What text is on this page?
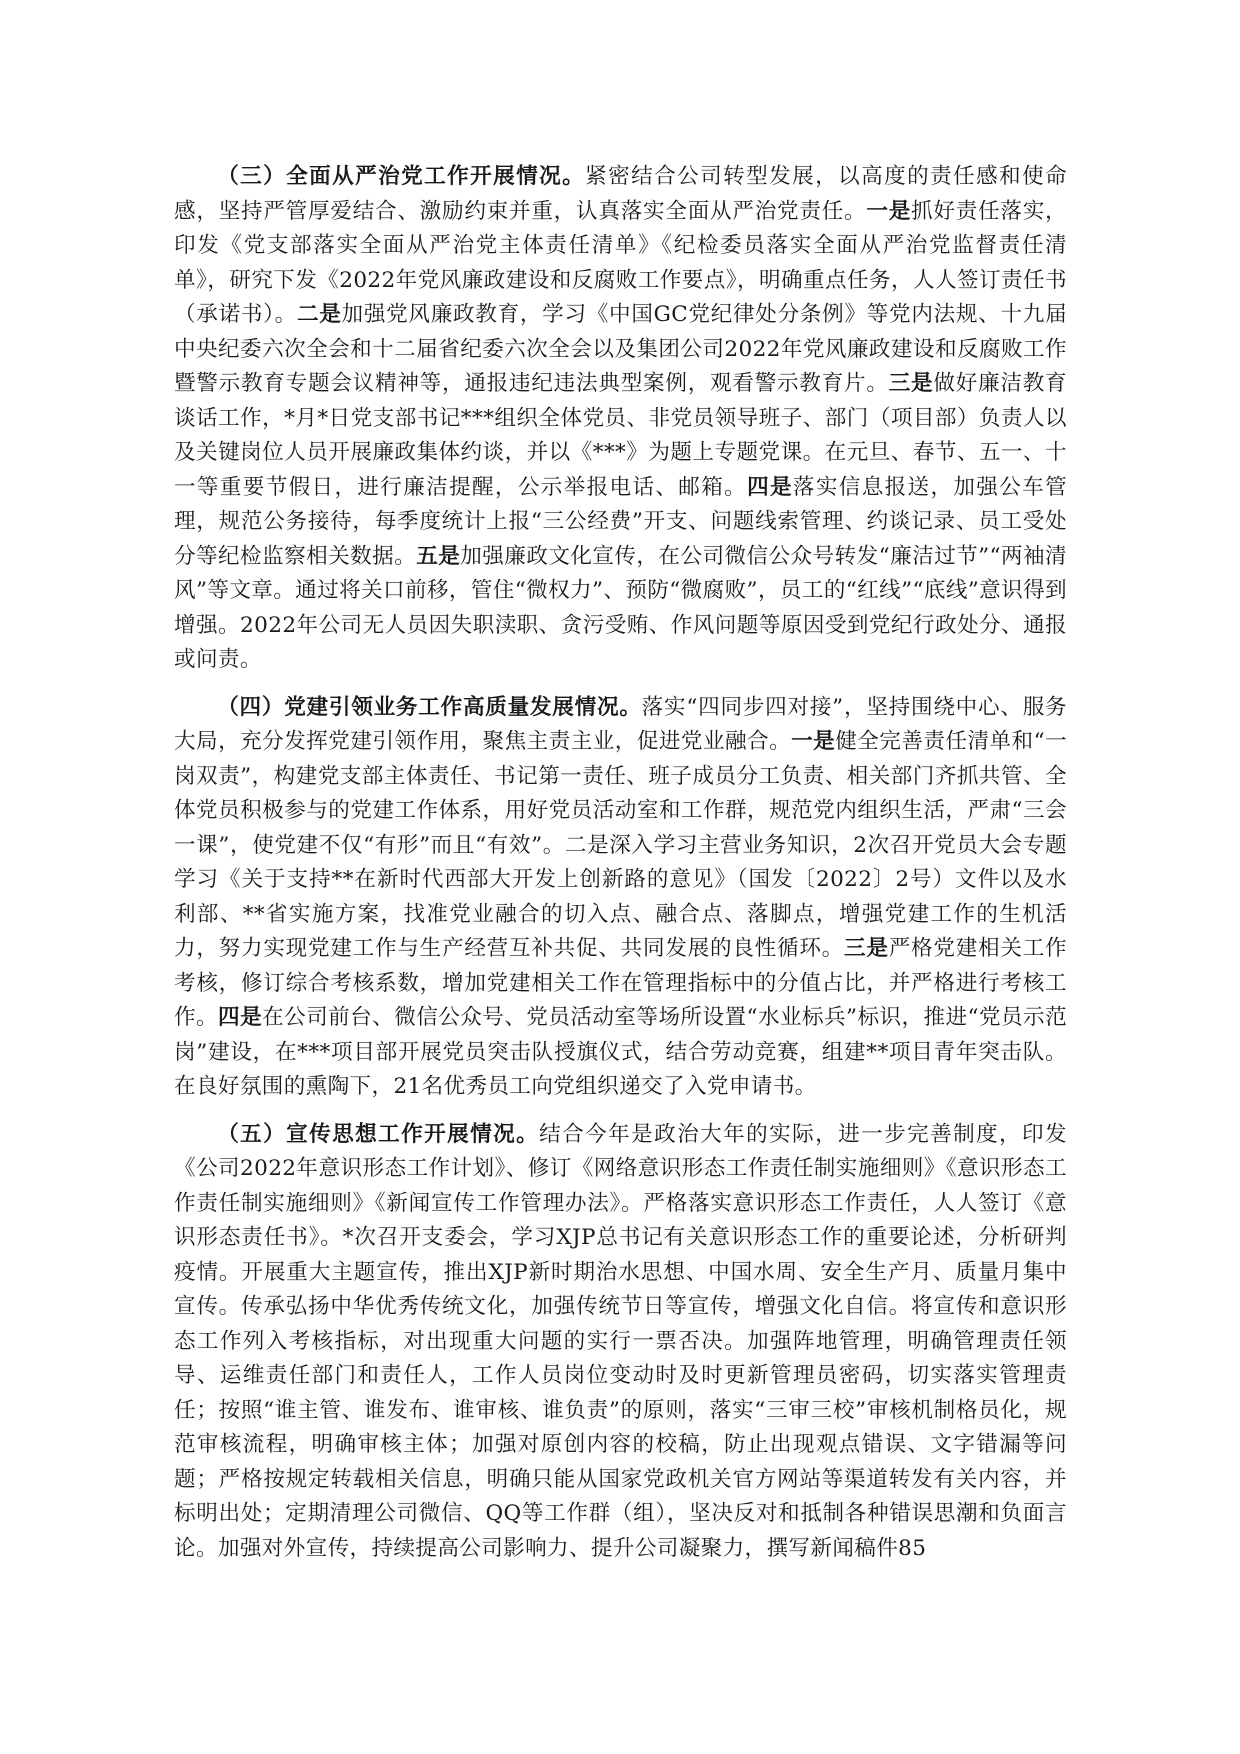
（三）全面从严治党工作开展情况。紧密结合公司转型发展，以高度的责任感和使命感，坚持严管厚爱结合、激励约束并重，认真落实全面从严治党责任。一是抓好责任落实，印发《党支部落实全面从严治党主体责任清单》《纪检委员落实全面从严治党监督责任清单》，研究下发《2022年党风廉政建设和反腐败工作要点》，明确重点任务，人人签订责任书（承诺书）。二是加强党风廉政教育，学习《中国GC党纪律处分条例》等党内法规、十九届中央纪委六次全会和十二届省纪委六次全会以及集团公司2022年党风廉政建设和反腐败工作暨警示教育专题会议精神等，通报违纪违法典型案例，观看警示教育片。三是做好廉洁教育谈话工作，*月*日党支部书记***组织全体党员、非党员领导班子、部门（项目部）负责人以及关键岗位人员开展廉政集体约谈，并以《***》为题上专题党课。在元旦、春节、五一、十一等重要节假日，进行廉洁提醒，公示举报电话、邮箱。四是落实信息报送，加强公车管理，规范公务接待，每季度统计上报“三公经费”开支、问题线索管理、约谈记录、员工受处分等纪检监察相关数据。五是加强廉政文化宣传，在公司微信公众号转发“廉洁过节”“两袖清风”等文章。通过将关口前移，管住“微权力”、预防“微腐败”，员工的“红线”“底线”意识得到增强。2022年公司无人员因失职渎职、贪污受贿、作风问题等原因受到党纪行政处分、通报或问责。

（四）党建引领业务工作高质量发展情况。落实“四同步四对接”，坚持围绕中心、服务大局，充分发挥党建引领作用，聚焦主责主业，促进党业融合。一是健全完善责任清单和“一岗双责”，构建党支部主体责任、书记第一责任、班子成员分工负责、相关部门齐抓共管、全体党员积极参与的党建工作体系，用好党员活动室和工作群，规范党内组织生活，严肃“三会一课”，使党建不仅“有形”而且“有效”。二是深入学习主营业务知识，2次召开党员大会专题学习《关于支持**在新时代西部大开发上创新路的意见》（国发〔2022〕2号）文件以及水利部、**省实施方案，找准党业融合的切入点、融合点、落脚点，增强党建工作的生机活力，努力实现党建工作与生产经营互补共促、共同发展的良性循环。三是严格党建相关工作考核，修订综合考核系数，增加党建相关工作在管理指标中的分值占比，并严格进行考核工作。四是在公司前台、微信公众号、党员活动室等场所设置“水业标兵”标识，推进“党员示范岗”建设，在***项目部开展党员突击队授旗仪式，结合劳动竞赛，组建**项目青年突击队。在良好氛围的熏陶下，21名优秀员工向党组织递交了入党申请书。

（五）宣传思想工作开展情况。结合今年是政治大年的实际，进一步完善制度，印发《公司2022年意识形态工作计划》、修订《网络意识形态工作责任制实施细则》《意识形态工作责任制实施细则》《新闻宣传工作管理办法》。严格落实意识形态工作责任，人人签订《意识形态责任书》。*次召开支委会，学习XJP总书记有关意识形态工作的重要论述，分析研判疫情。开展重大主题宣传，推出XJP新时期治水思想、中国水周、安全生产月、质量月集中宣传。传承弘扬中华优秀传统文化，加强传统节日等宣传，增强文化自信。将宣传和意识形态工作列入考核指标，对出现重大问题的实行一票否决。加强阵地管理，明确管理责任领导、运维责任部门和责任人，工作人员岗位变动时及时更新管理员密码，切实落实管理责任；按照“谁主管、谁发布、谁审核、谁负责”的原则，落实“三审三校”审核机制格员化，规范审核流程，明确审核主体；加强对原创内容的校稿，防止出现观点错误、文字错漏等问题；严格按规定转载相关信息，明确只能从国家党政机关官方网站等渠道转发有关内容，并标明出处；定期清理公司微信、QQ等工作群（组），坚决反对和抵制各种错误思潮和负面言论。加强对外宣传，持续提高公司影响力、提升公司凝聚力，撰写新闻稿件85
